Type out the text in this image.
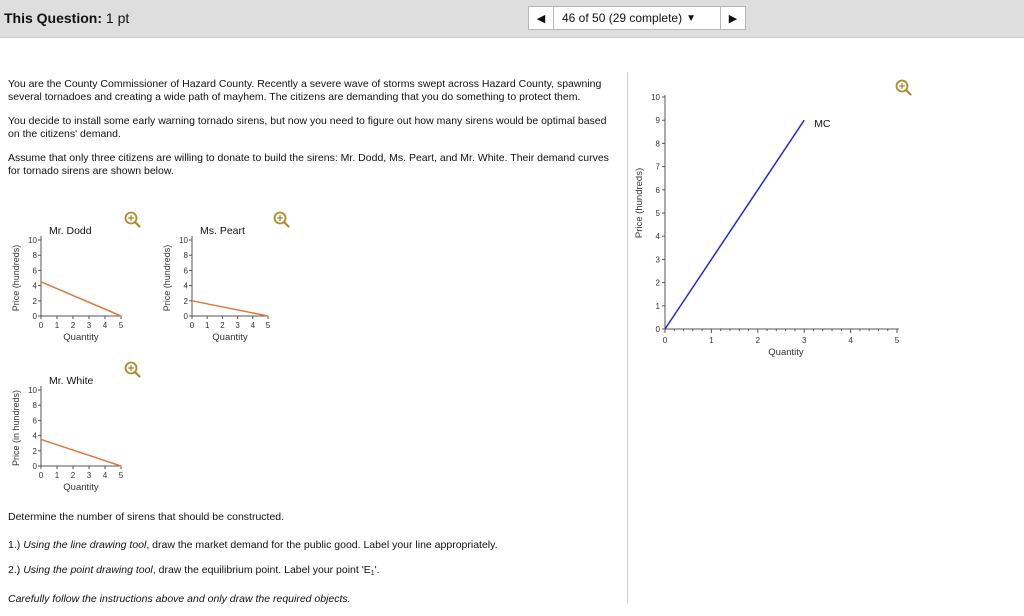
This Question: 1 pt	◀ 46 of 50 (29 complete) ▼	▶

You are the County Commissioner of Hazard County. Recently a severe wave of storms swept across Hazard County, spawning several tornadoes and creating a wide path of mayhem. The citizens are demanding that you do something to protect them.

You decide to install some early warning tornado sirens, but now you need to figure out how many sirens would be optimal based on the citizens' demand.

Assume that only three citizens are willing to donate to build the sirens: Mr. Dodd, Ms. Peart, and Mr. White. Their demand curves for tornado sirens are shown below.

Mr. Dodd
0
2
4
6
8
10
0 1 2 3 4 5
Quantity
Price (hundreds)
Ms. Peart
0
2
4
6
8
10
0 1 2 3 4 5
Quantity
Price (hundreds)
Mr. White
0
2
4
6
8
10
0 1 2 3 4 5
Quantity
Price (in hundreds)
Determine the number of sirens that should be constructed.
1.) Using the line drawing tool, draw the market demand for the public good. Label your line appropriately.
2.) Using the point drawing tool, draw the equilibrium point. Label your point '$E_1$'.
Carefully follow the instructions above and only draw the required objects.
0
1
2
3
4
5
6
7
8
9
10
0	1	2	3	4	5
Quantity
Price (hundreds)
MC
